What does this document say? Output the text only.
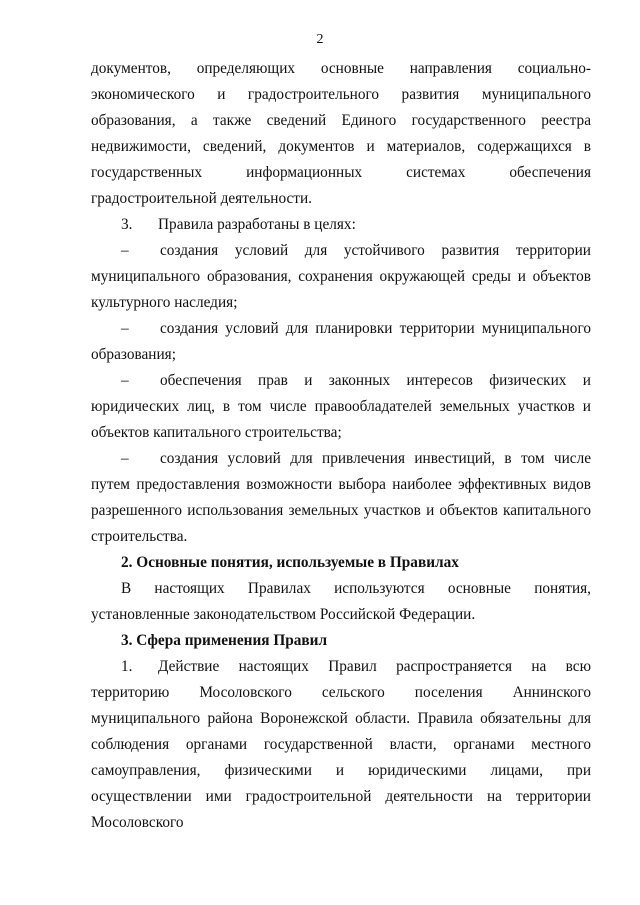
2

документов, определяющих основные направления социально-экономического и градостроительного развития муниципального образования, а также сведений Единого государственного реестра недвижимости, сведений, документов и материалов, содержащихся в государственных информационных системах обеспечения градостроительной деятельности.

3. Правила разработаны в целях:

– создания условий для устойчивого развития территории муниципального образования, сохранения окружающей среды и объектов культурного наследия;

– создания условий для планировки территории муниципального образования;

– обеспечения прав и законных интересов физических и юридических лиц, в том числе правообладателей земельных участков и объектов капитального строительства;

– создания условий для привлечения инвестиций, в том числе путем предоставления возможности выбора наиболее эффективных видов разрешенного использования земельных участков и объектов капитального строительства.

2. Основные понятия, используемые в Правилах

В настоящих Правилах используются основные понятия,

установленные законодательством Российской Федерации.

3. Сфера применения Правил

1. Действие настоящих Правил распространяется на всю территорию Мосоловского сельского поселения Аннинского муниципального района Воронежской области. Правила обязательны для соблюдения органами государственной власти, органами местного самоуправления, физическими и юридическими лицами, при осуществлении ими градостроительной деятельности на территории Мосоловского
